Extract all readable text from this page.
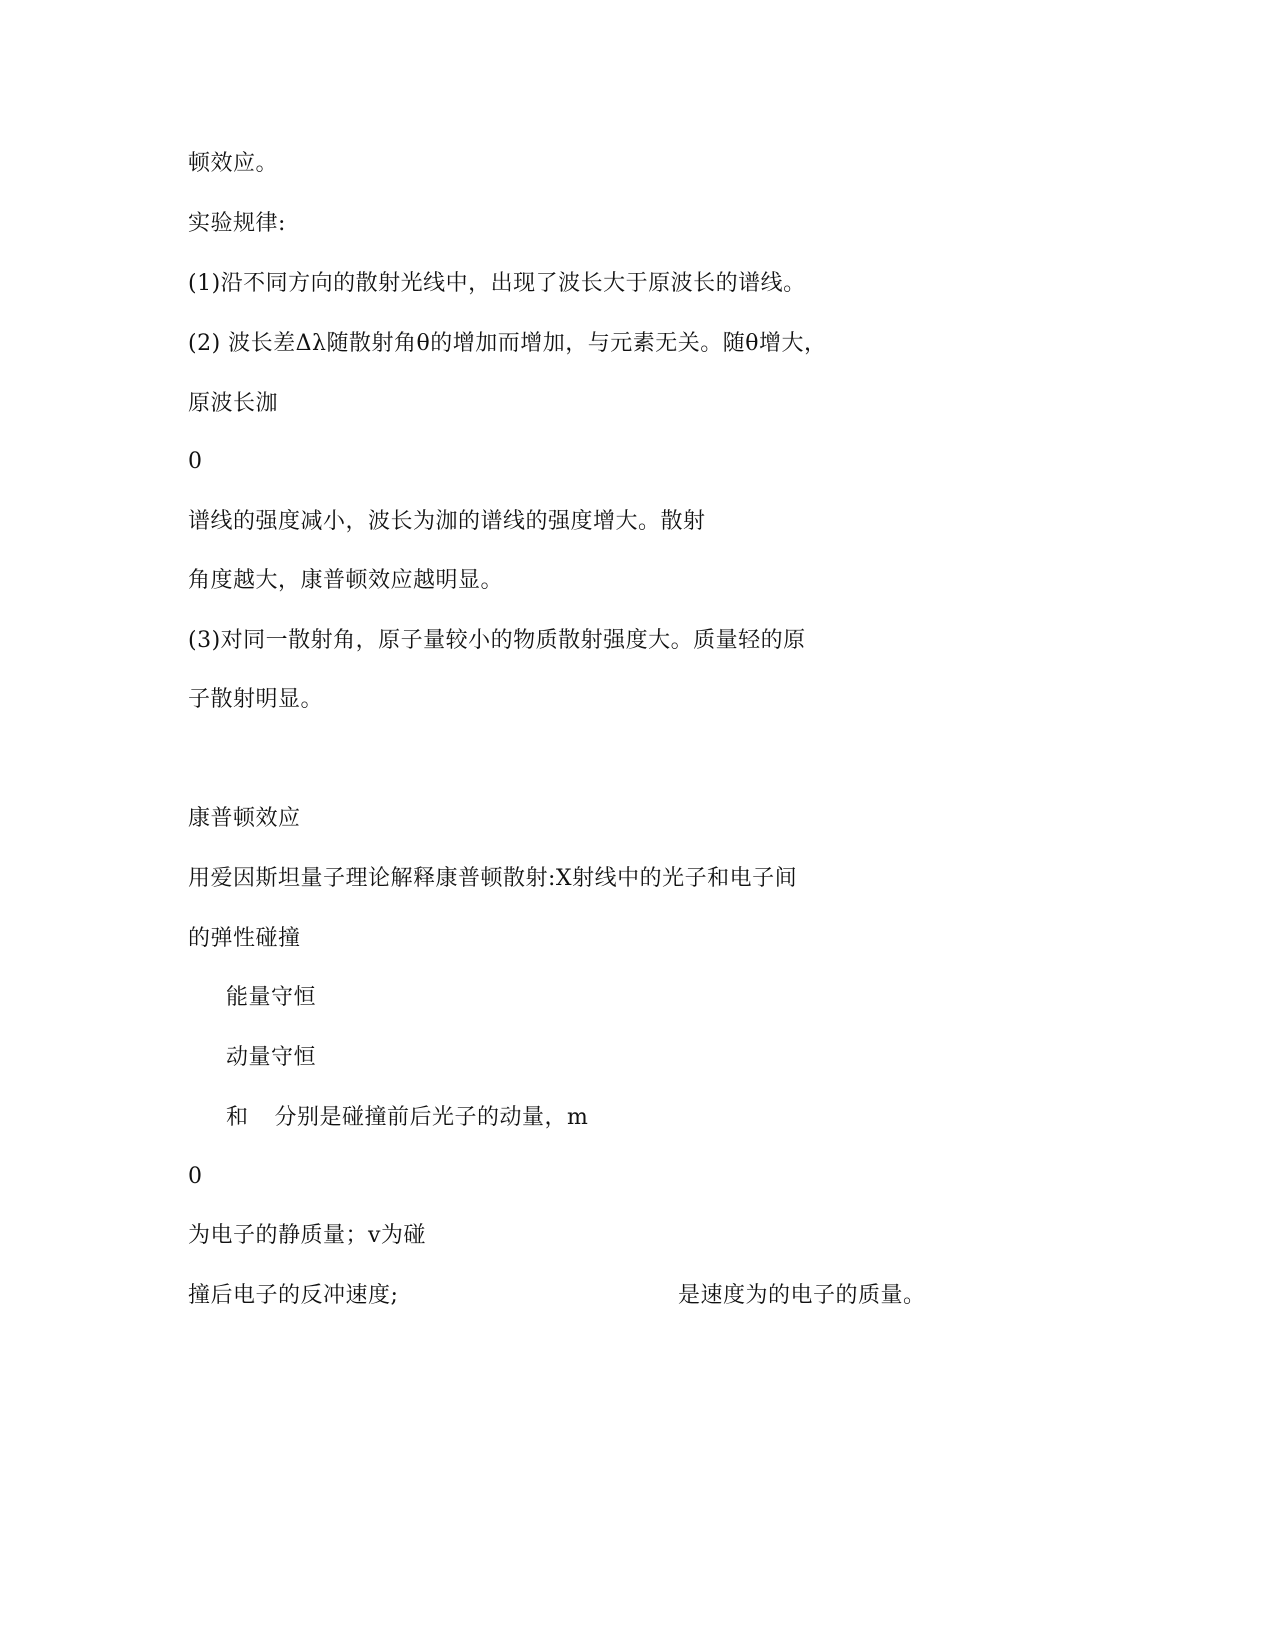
顿效应。
实验规律:
(1)沿不同方向的散射光线中，出现了波长大于原波长的谱线。
(2) 波长差Δλ随散射角θ的增加而增加，与元素无关。随θ增大，
原波长泇
0
谱线的强度减小，波长为泇的谱线的强度增大。散射
角度越大，康普顿效应越明显。
(3)对同一散射角，原子量较小的物质散射强度大。质量轻的原
子散射明显。
康普顿效应
用爱因斯坦量子理论解释康普顿散射:X射线中的光子和电子间
的弹性碰撞
能量守恒
动量守恒
和 分别是碰撞前后光子的动量，m
0
为电子的静质量；v为碰
撞后电子的反冲速度;	是速度为的电子的质量。
